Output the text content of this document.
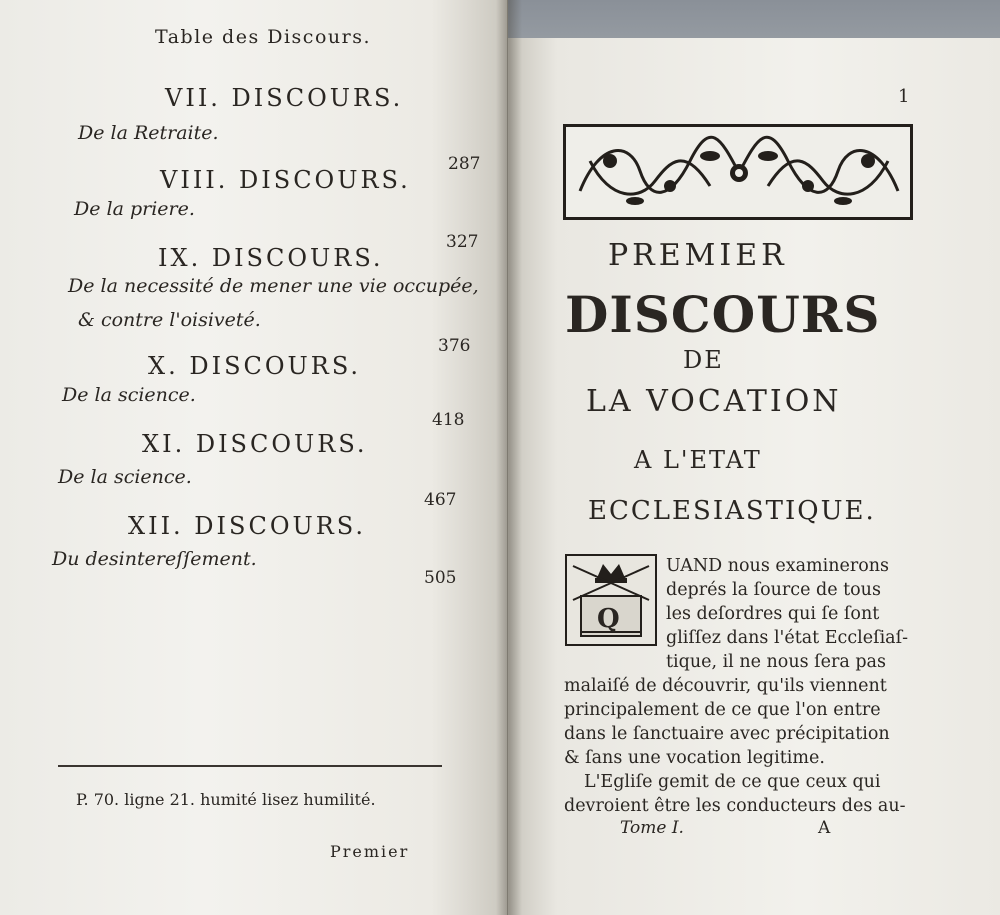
Table des Discours.
VII. DISCOURS.
De la Retraite.
287
VIII. DISCOURS.
De la priere.
327
IX. DISCOURS.
De la necessité de mener une vie occupée,
& contre l'oisiveté.
376
X. DISCOURS.
De la science.
418
XI. DISCOURS.
De la science.
467
XII. DISCOURS.
Du desintereſſement.
505
P. 70. ligne 21. humité lisez humilité.
Premier
1
PREMIER
DISCOURS
DE
LA VOCATION
A L'ETAT
ECCLESIASTIQUE.
Q
UAND nous examinerons
deprés la ſource de tous
les deſordres qui ſe ſont
gliſſez dans l'état Eccleſiaſ-
tique, il ne nous ſera pas
malaiſé de découvrir, qu'ils viennent
principalement de ce que l'on entre
dans le ſanctuaire avec précipitation
& ſans une vocation legitime.
L'Egliſe gemit de ce que ceux qui
devroient être les conducteurs des au-
Tome I.	A
